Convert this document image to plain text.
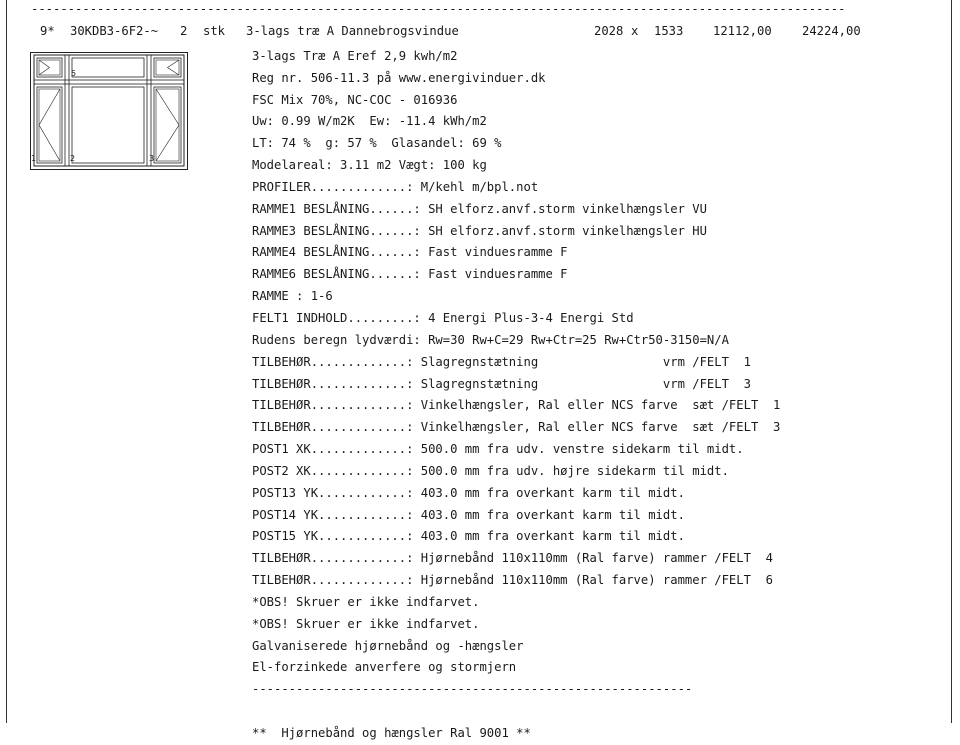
---------------------------------------------------------------------------------------------------------------

9*

30KDB3-6F2-~

2

stk

3-lags træ A Dannebrogsvindue

	2028

x

1533

12112,00

24224,00

5
2
1	3
3-lags Træ A Eref 2,9 kwh/m2
Reg nr. 506-11.3 på www.energivinduer.dk
FSC Mix 70%, NC-COC - 016936
Uw: 0.99 W/m2K  Ew: -11.4 kWh/m2
LT: 74 %  g: 57 %  Glasandel: 69 %
Modelareal: 3.11 m2 Vægt: 100 kg
PROFILER.............: M/kehl m/bpl.not
RAMME1 BESLÅNING......: SH elforz.anvf.storm vinkelhængsler VU
RAMME3 BESLÅNING......: SH elforz.anvf.storm vinkelhængsler HU
RAMME4 BESLÅNING......: Fast vinduesramme F
RAMME6 BESLÅNING......: Fast vinduesramme F
RAMME : 1-6
FELT1 INDHOLD.........: 4 Energi Plus-3-4 Energi Std
Rudens beregn lydværdi: Rw=30 Rw+C=29 Rw+Ctr=25 Rw+Ctr50-3150=N/A
TILBEHØR.............: Slagregnstætning                 vrm /FELT  1
TILBEHØR.............: Slagregnstætning                 vrm /FELT  3
TILBEHØR.............: Vinkelhængsler, Ral eller NCS farve  sæt /FELT  1
TILBEHØR.............: Vinkelhængsler, Ral eller NCS farve  sæt /FELT  3
POST1 XK.............: 500.0 mm fra udv. venstre sidekarm til midt.
POST2 XK.............: 500.0 mm fra udv. højre sidekarm til midt.
POST13 YK............: 403.0 mm fra overkant karm til midt.
POST14 YK............: 403.0 mm fra overkant karm til midt.
POST15 YK............: 403.0 mm fra overkant karm til midt.
TILBEHØR.............: Hjørnebånd 110x110mm (Ral farve) rammer /FELT  4
TILBEHØR.............: Hjørnebånd 110x110mm (Ral farve) rammer /FELT  6
*OBS! Skruer er ikke indfarvet.
*OBS! Skruer er ikke indfarvet.
Galvaniserede hjørnebånd og -hængsler
El-forzinkede anverfere og stormjern
------------------------------------------------------------
**  Hjørnebånd og hængsler Ral 9001 **
